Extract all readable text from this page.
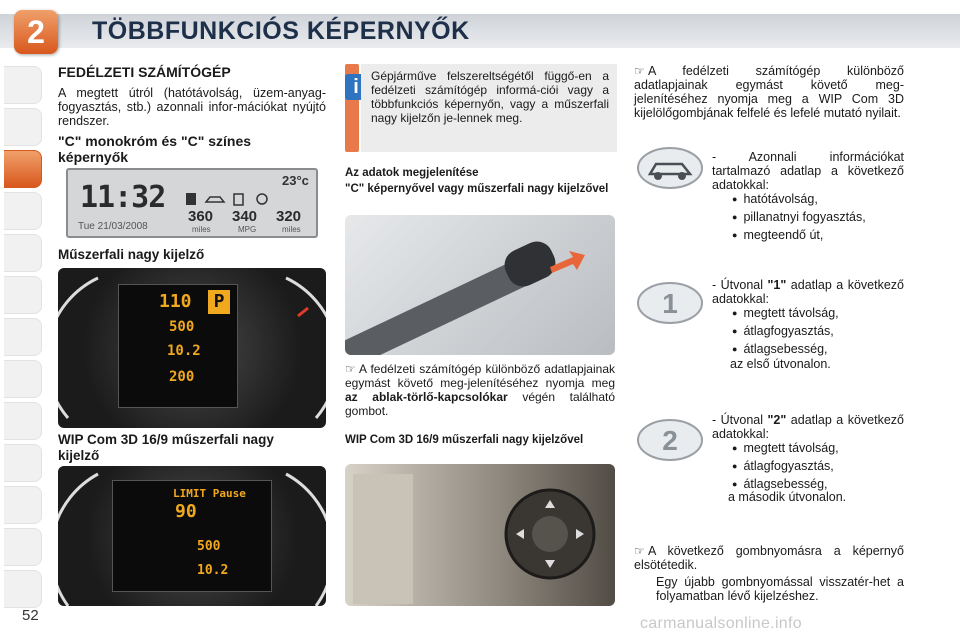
2	TÖBBFUNKCIÓS KÉPERNYŐK
FEDÉLZETI SZÁMÍTÓGÉP
A megtett útról (hatótávolság, üzem-anyag-fogyasztás, stb.) azonnali infor-mációkat nyújtó rendszer.
"C" monokróm és "C" színes képernyők
11:32
Tue 21/03/2008
23°c
360 340 320
miles	MPG	miles
Műszerfali nagy kijelző
110
500
10.2
200
P
WIP Com 3D 16/9 műszerfali nagy kijelző
LIMIT Pause
90
500
10.2
i	Gépjárműve felszereltségétől függő-en a fedélzeti számítógép informá-ciói vagy a többfunkciós képernyőn, vagy a műszerfali nagy kijelzőn je-lennek meg.
Az adatok megjelenítése
"C" képernyővel vagy műszerfali nagy kijelzővel
☞ A fedélzeti számítógép különböző adatlapjainak egymást követő meg-jelenítéséhez nyomja meg az ablak-törlő-kapcsolókar végén található gombot.
WIP Com 3D 16/9 műszerfali nagy kijelzővel
☞ A fedélzeti számítógép különböző adatlapjainak egymást követő meg-jelenítéséhez nyomja meg a WIP Com 3D kijelölőgombjának felfelé és lefelé mutató nyilait.
- Azonnali információkat tartalmazó adatlap a következő adatokkal:
● hatótávolság,
● pillanatnyi fogyasztás,
● megteendő út,
1
- Útvonal "1" adatlap a következő adatokkal:
● megtett távolság,
● átlagfogyasztás,
● átlagsebesség,
az első útvonalon.
2
- Útvonal "2" adatlap a következő adatokkal:
● megtett távolság,
● átlagfogyasztás,
● átlagsebesség,
a második útvonalon.
☞ A következő gombnyomásra a képernyő elsötétedik.
Egy újabb gombnyomással visszatér-het a folyamatban lévő kijelzéshez.
52	carmanualsonline.info
